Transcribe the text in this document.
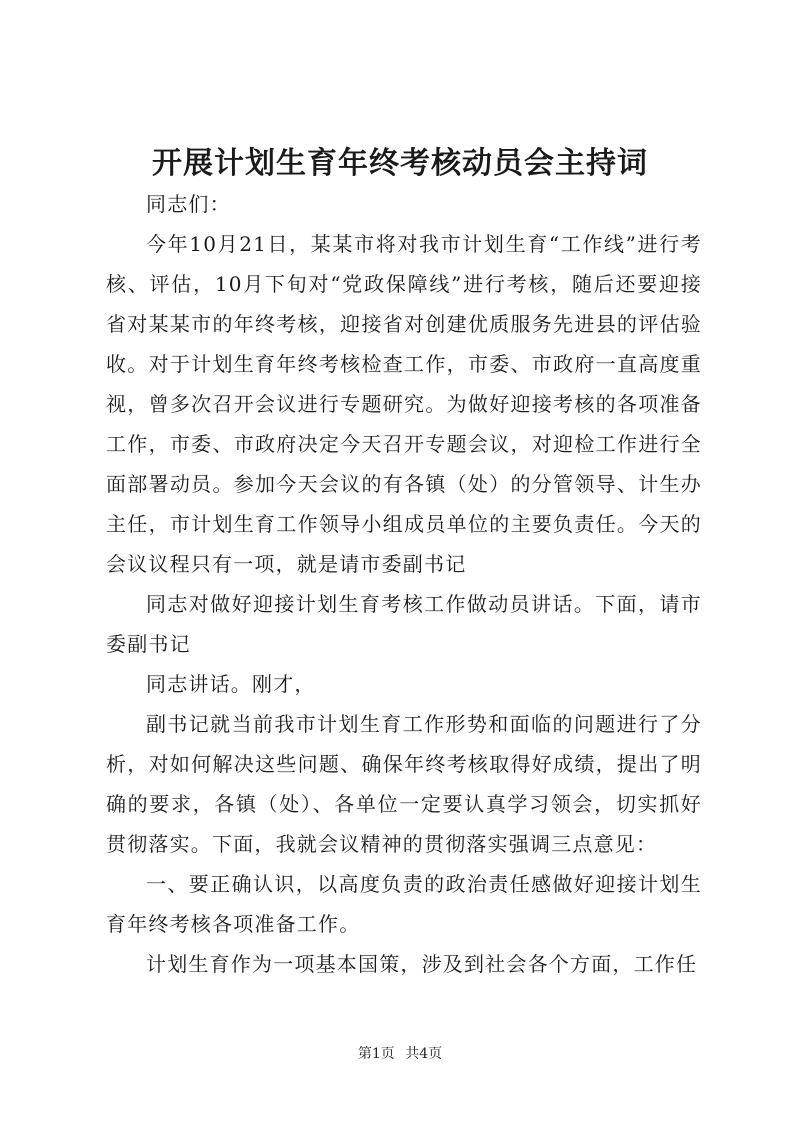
开展计划生育年终考核动员会主持词

同志们：

今年10月21日，某某市将对我市计划生育“工作线”进行考核、评估，10月下旬对“党政保障线”进行考核，随后还要迎接省对某某市的年终考核，迎接省对创建优质服务先进县的评估验收。对于计划生育年终考核检查工作，市委、市政府一直高度重视，曾多次召开会议进行专题研究。为做好迎接考核的各项准备工作，市委、市政府决定今天召开专题会议，对迎检工作进行全面部署动员。参加今天会议的有各镇（处）的分管领导、计生办主任，市计划生育工作领导小组成员单位的主要负责任。今天的会议议程只有一项，就是请市委副书记

同志对做好迎接计划生育考核工作做动员讲话。下面，请市委副书记

同志讲话。刚才，

副书记就当前我市计划生育工作形势和面临的问题进行了分析，对如何解决这些问题、确保年终考核取得好成绩，提出了明确的要求，各镇（处）、各单位一定要认真学习领会，切实抓好贯彻落实。下面，我就会议精神的贯彻落实强调三点意见：

一、要正确认识，以高度负责的政治责任感做好迎接计划生育年终考核各项准备工作。

计划生育作为一项基本国策，涉及到社会各个方面，工作任

第1页 共4页
